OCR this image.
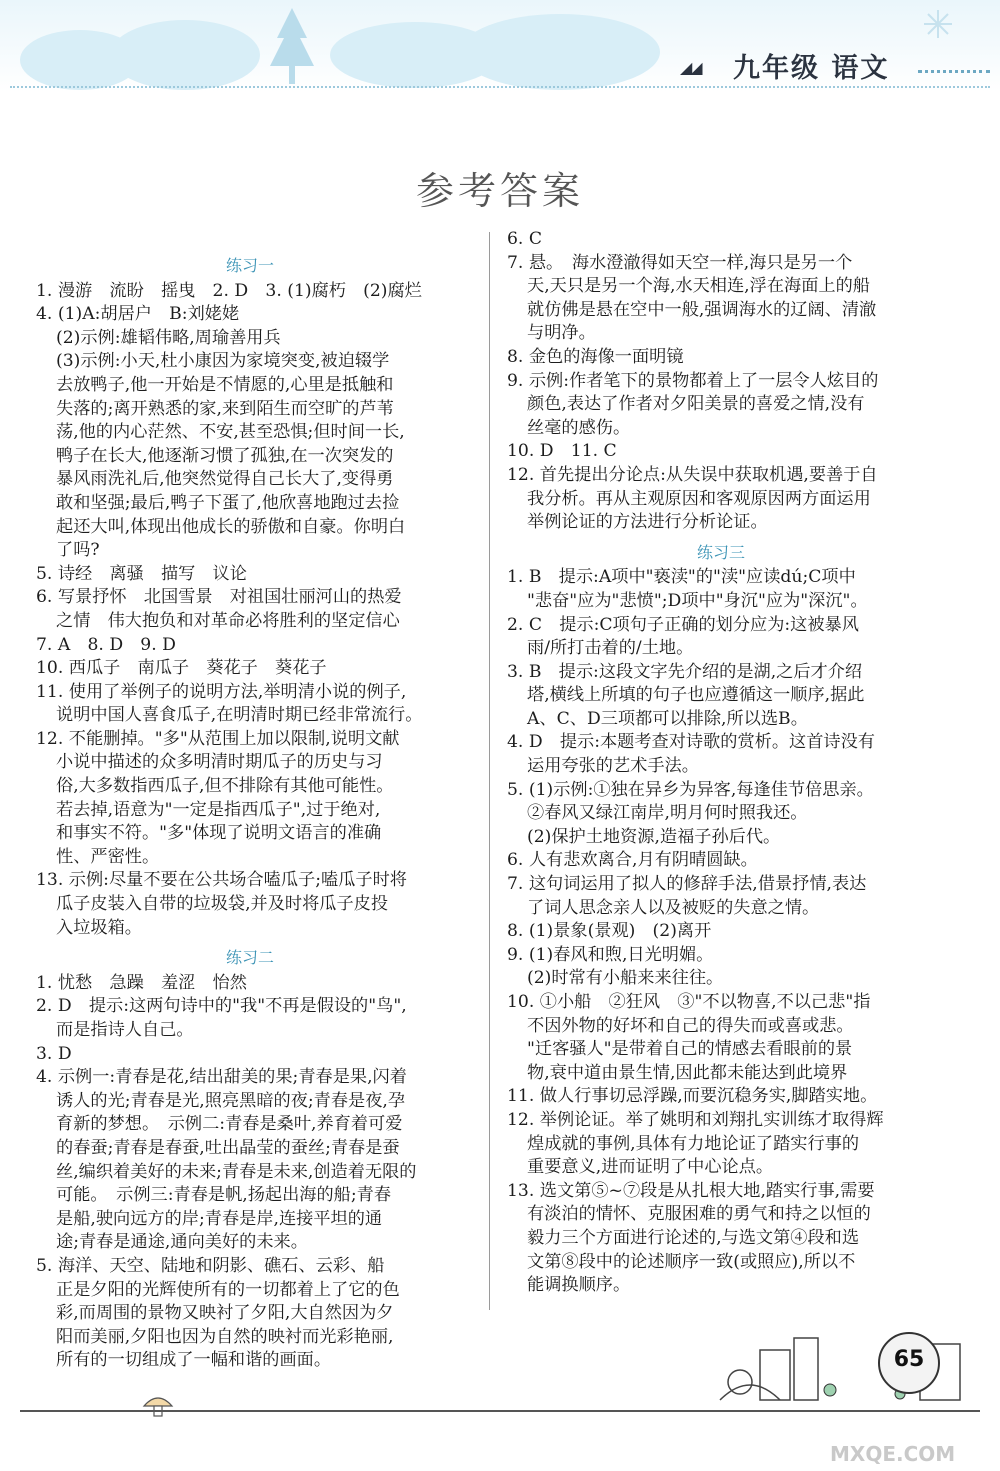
◢◢ 九年级 语文
参考答案
练习一
1. 漫游　流盼　摇曳　2. D　3. (1)腐朽　(2)腐烂
4. (1)A:胡居户　B:刘姥姥
(2)示例:雄韬伟略,周瑜善用兵
(3)示例:小天,杜小康因为家境突变,被迫辍学
去放鸭子,他一开始是不情愿的,心里是抵触和
失落的;离开熟悉的家,来到陌生而空旷的芦苇
荡,他的内心茫然、不安,甚至恐惧;但时间一长,
鸭子在长大,他逐渐习惯了孤独,在一次突发的
暴风雨洗礼后,他突然觉得自己长大了,变得勇
敢和坚强;最后,鸭子下蛋了,他欣喜地跑过去捡
起还大叫,体现出他成长的骄傲和自豪。你明白
了吗?
5. 诗经　离骚　描写　议论
6. 写景抒怀　北国雪景　对祖国壮丽河山的热爱
之情　伟大抱负和对革命必将胜利的坚定信心
7. A　8. D　9. D
10. 西瓜子　南瓜子　葵花子　葵花子
11. 使用了举例子的说明方法,举明清小说的例子,
说明中国人喜食瓜子,在明清时期已经非常流行。
12. 不能删掉。"多"从范围上加以限制,说明文献
小说中描述的众多明清时期瓜子的历史与习
俗,大多数指西瓜子,但不排除有其他可能性。
若去掉,语意为"一定是指西瓜子",过于绝对,
和事实不符。"多"体现了说明文语言的准确
性、严密性。
13. 示例:尽量不要在公共场合嗑瓜子;嗑瓜子时将
瓜子皮装入自带的垃圾袋,并及时将瓜子皮投
入垃圾箱。
练习二
1. 忧愁　急躁　羞涩　怡然
2. D　提示:这两句诗中的"我"不再是假设的"鸟",
而是指诗人自己。
3. D
4. 示例一:青春是花,结出甜美的果;青春是果,闪着
诱人的光;青春是光,照亮黑暗的夜;青春是夜,孕
育新的梦想。　示例二:青春是桑叶,养育着可爱
的春蚕;青春是春蚕,吐出晶莹的蚕丝;青春是蚕
丝,编织着美好的未来;青春是未来,创造着无限的
可能。　示例三:青春是帆,扬起出海的船;青春
是船,驶向远方的岸;青春是岸,连接平坦的通
途;青春是通途,通向美好的未来。
5. 海洋、天空、陆地和阴影、礁石、云彩、船
正是夕阳的光辉使所有的一切都着上了它的色
彩,而周围的景物又映衬了夕阳,大自然因为夕
阳而美丽,夕阳也因为自然的映衬而光彩艳丽,
所有的一切组成了一幅和谐的画面。
6. C
7. 悬。　海水澄澈得如天空一样,海只是另一个
天,天只是另一个海,水天相连,浮在海面上的船
就仿佛是悬在空中一般,强调海水的辽阔、清澈
与明净。
8. 金色的海像一面明镜
9. 示例:作者笔下的景物都着上了一层令人炫目的
颜色,表达了作者对夕阳美景的喜爱之情,没有
丝毫的感伤。
10. D　11. C
12. 首先提出分论点:从失误中获取机遇,要善于自
我分析。再从主观原因和客观原因两方面运用
举例论证的方法进行分析论证。
练习三
1. B　提示:A项中"亵渎"的"渎"应读dú;C项中
"悲奋"应为"悲愤";D项中"身沉"应为"深沉"。
2. C　提示:C项句子正确的划分应为:这被暴风
雨/所打击着的/土地。
3. B　提示:这段文字先介绍的是湖,之后才介绍
塔,横线上所填的句子也应遵循这一顺序,据此
A、C、D三项都可以排除,所以选B。
4. D　提示:本题考查对诗歌的赏析。这首诗没有
运用夸张的艺术手法。
5. (1)示例:①独在异乡为异客,每逢佳节倍思亲。
②春风又绿江南岸,明月何时照我还。
(2)保护土地资源,造福子孙后代。
6. 人有悲欢离合,月有阴晴圆缺。
7. 这句词运用了拟人的修辞手法,借景抒情,表达
了词人思念亲人以及被贬的失意之情。
8. (1)景象(景观)　(2)离开
9. (1)春风和煦,日光明媚。
(2)时常有小船来来往往。
10. ①小船　②狂风　③"不以物喜,不以己悲"指
不因外物的好坏和自己的得失而或喜或悲。
"迁客骚人"是带着自己的情感去看眼前的景
物,衰中道由景生情,因此都未能达到此境界
11. 做人行事切忌浮躁,而要沉稳务实,脚踏实地。
12. 举例论证。举了姚明和刘翔扎实训练才取得辉
煌成就的事例,具体有力地论证了踏实行事的
重要意义,进而证明了中心论点。
13. 选文第⑤~⑦段是从扎根大地,踏实行事,需要
有淡泊的情怀、克服困难的勇气和持之以恒的
毅力三个方面进行论述的,与选文第④段和选
文第⑧段中的论述顺序一致(或照应),所以不
能调换顺序。
65
MXQE.COM
